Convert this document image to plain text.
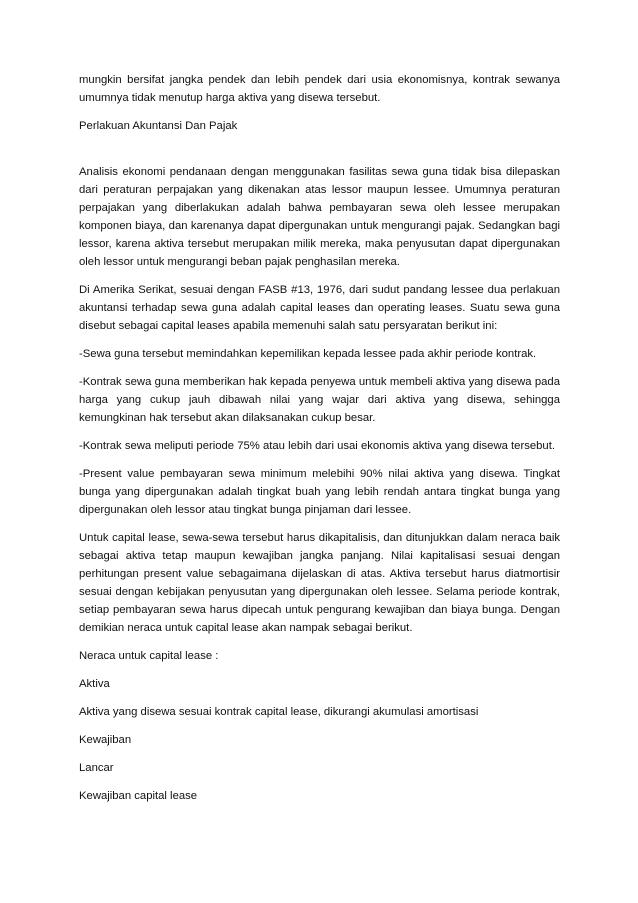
mungkin bersifat jangka pendek dan lebih pendek dari usia ekonomisnya, kontrak sewanya umumnya tidak menutup harga aktiva yang disewa tersebut.

Perlakuan Akuntansi Dan Pajak

Analisis ekonomi pendanaan dengan menggunakan fasilitas sewa guna tidak bisa dilepaskan dari peraturan perpajakan yang dikenakan atas lessor maupun lessee. Umumnya peraturan perpajakan yang diberlakukan adalah bahwa pembayaran sewa oleh lessee merupakan komponen biaya, dan karenanya dapat dipergunakan untuk mengurangi pajak. Sedangkan bagi lessor, karena aktiva tersebut merupakan milik mereka, maka penyusutan dapat dipergunakan oleh lessor untuk mengurangi beban pajak penghasilan mereka.

Di Amerika Serikat, sesuai dengan FASB #13, 1976, dari sudut pandang lessee dua perlakuan akuntansi terhadap sewa guna adalah capital leases dan operating leases. Suatu sewa guna disebut sebagai capital leases apabila memenuhi salah satu persyaratan berikut ini:

-Sewa guna tersebut memindahkan kepemilikan kepada lessee pada akhir periode kontrak.

-Kontrak sewa guna memberikan hak kepada penyewa untuk membeli aktiva yang disewa pada harga yang cukup jauh dibawah nilai yang wajar dari aktiva yang disewa, sehingga kemungkinan hak tersebut akan dilaksanakan cukup besar.

-Kontrak sewa meliputi periode 75% atau lebih dari usai ekonomis aktiva yang disewa tersebut.

-Present value pembayaran sewa minimum melebihi 90% nilai aktiva yang disewa. Tingkat bunga yang dipergunakan adalah tingkat buah yang lebih rendah antara tingkat bunga yang dipergunakan oleh lessor atau tingkat bunga pinjaman dari lessee.

Untuk capital lease, sewa-sewa tersebut harus dikapitalisis, dan ditunjukkan dalam neraca baik sebagai aktiva tetap maupun kewajiban jangka panjang. Nilai kapitalisasi sesuai dengan perhitungan present value sebagaimana dijelaskan di atas. Aktiva tersebut harus diatmortisir sesuai dengan kebijakan penyusutan yang dipergunakan oleh lessee. Selama periode kontrak, setiap pembayaran sewa harus dipecah untuk pengurang kewajiban dan biaya bunga. Dengan demikian neraca untuk capital lease akan nampak sebagai berikut.

Neraca untuk capital lease :

Aktiva

Aktiva yang disewa sesuai kontrak capital lease, dikurangi akumulasi amortisasi

Kewajiban

Lancar

Kewajiban capital lease
